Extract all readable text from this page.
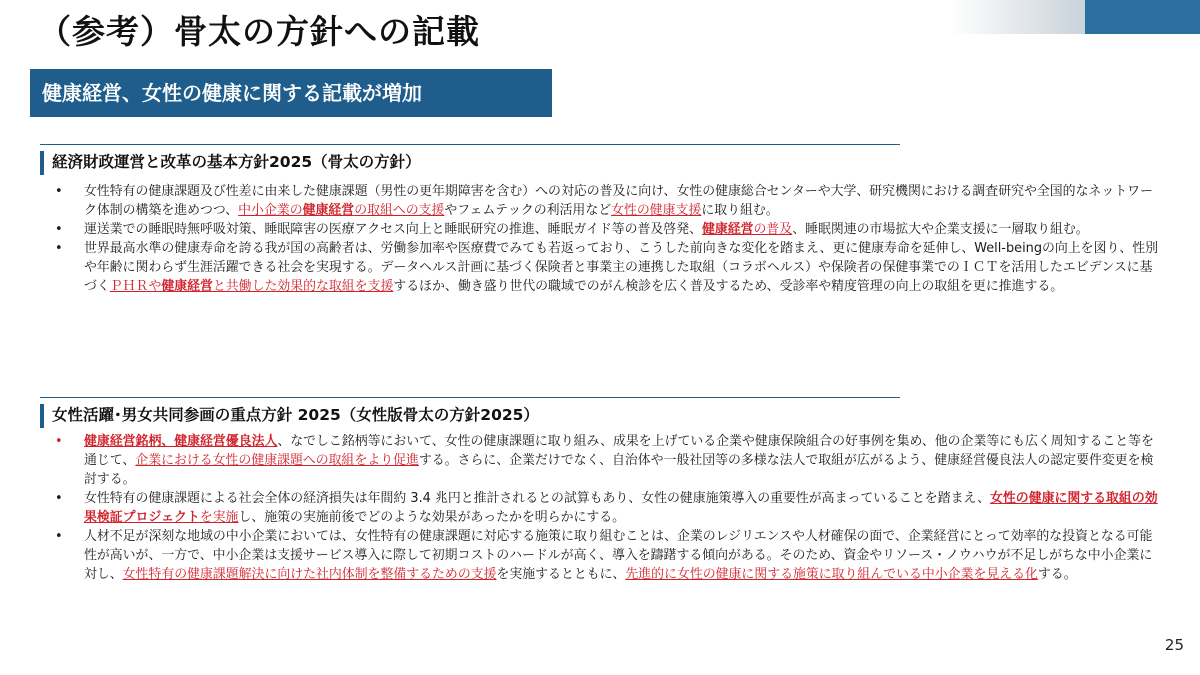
（参考）骨太の方針への記載
健康経営、女性の健康に関する記載が増加
経済財政運営と改革の基本方針2025（骨太の方針）
• 女性特有の健康課題及び性差に由来した健康課題（男性の更年期障害を含む）への対応の普及に向け、女性の健康総合センターや大学、研究機関における調査研究や全国的なネットワーク体制の構築を進めつつ、中小企業の健康経営の取組への支援やフェムテックの利活用など女性の健康支援に取り組む。
• 運送業での睡眠時無呼吸対策、睡眠障害の医療アクセス向上と睡眠研究の推進、睡眠ガイド等の普及啓発、健康経営の普及、睡眠関連の市場拡大や企業支援に一層取り組む。
• 世界最高水準の健康寿命を誇る我が国の高齢者は、労働参加率や医療費でみても若返っており、こうした前向きな変化を踏まえ、更に健康寿命を延伸し、Well-beingの向上を図り、性別や年齢に関わらず生涯活躍できる社会を実現する。データヘルス計画に基づく保険者と事業主の連携した取組（コラボヘルス）や保険者の保健事業でのＩＣＴを活用したエビデンスに基づくＰＨＲや健康経営と共働した効果的な取組を支援するほか、働き盛り世代の職域でのがん検診を広く普及するため、受診率や精度管理の向上の取組を更に推進する。
女性活躍･男女共同参画の重点方針 2025（女性版骨太の方針2025）
• 健康経営銘柄、健康経営優良法人、なでしこ銘柄等において、女性の健康課題に取り組み、成果を上げている企業や健康保険組合の好事例を集め、他の企業等にも広く周知すること等を通じて、企業における女性の健康課題への取組をより促進する。さらに、企業だけでなく、自治体や一般社団等の多様な法人で取組が広がるよう、健康経営優良法人の認定要件変更を検討する。
• 女性特有の健康課題による社会全体の経済損失は年間約 3.4 兆円と推計されるとの試算もあり、女性の健康施策導入の重要性が高まっていることを踏まえ、女性の健康に関する取組の効果検証プロジェクトを実施し、施策の実施前後でどのような効果があったかを明らかにする。
• 人材不足が深刻な地域の中小企業においては、女性特有の健康課題に対応する施策に取り組むことは、企業のレジリエンスや人材確保の面で、企業経営にとって効率的な投資となる可能性が高いが、一方で、中小企業は支援サービス導入に際して初期コストのハードルが高く、導入を躊躇する傾向がある。そのため、資金やリソース・ノウハウが不足しがちな中小企業に対し、女性特有の健康課題解決に向けた社内体制を整備するための支援を実施するとともに、先進的に女性の健康に関する施策に取り組んでいる中小企業を見える化する。
25
